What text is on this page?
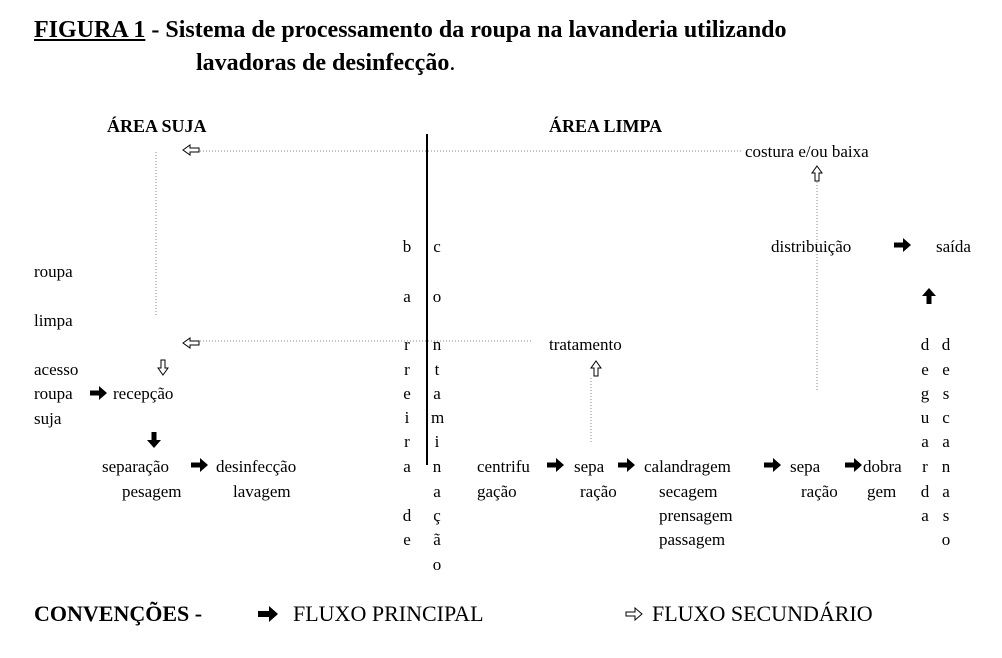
FIGURA 1 - Sistema de processamento da roupa na lavanderia utilizando
lavadoras de desinfecção.
ÁREA SUJA	ÁREA LIMPA
roupa
limpa
acesso
roupa
suja
recepção
separação
pesagem
desinfecção
lavagem
b
a
r
r
e
i
r
a
d
e
c
o
n
t
a
m
i
n
a
ç
ã
o
costura e/ou baixa
distribuição	saída
tratamento
centrifu
gação
sepa
ração
calandragem
secagem
prensagem
passagem
sepa
ração
dobra
gem
d
e
g
u
a
r
d
a
d
e
s
c
a
n
a
s
o
CONVENÇÕES -	FLUXO PRINCIPAL	FLUXO SECUNDÁRIO
